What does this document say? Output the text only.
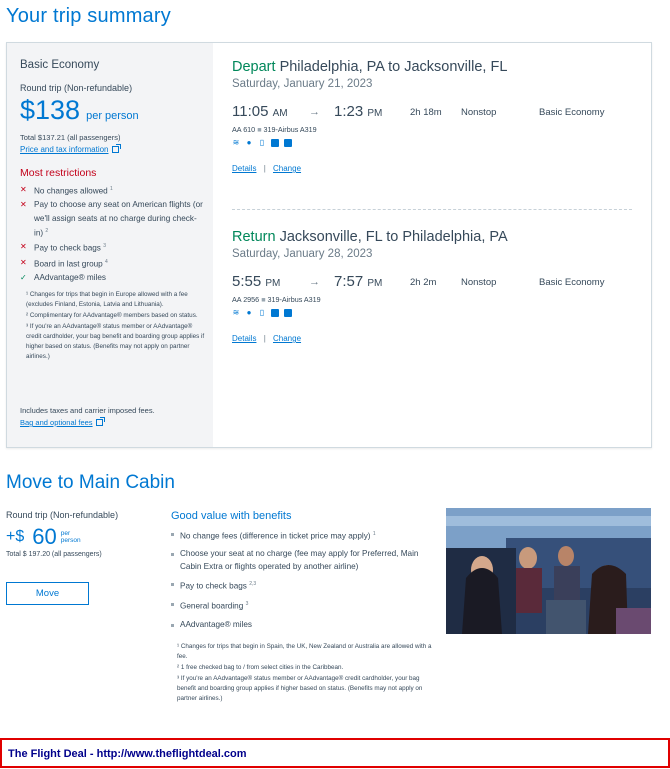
Your trip summary
Basic Economy
Round trip (Non-refundable)
$138 per person
Total $137.21 (all passengers)
Price and tax information
Most restrictions
✕ No changes allowed $^1$
✕ Pay to choose any seat on American flights (or we'll assign seats at no charge during check-in) $^2$
✕ Pay to check bags $^3$
✕ Board in last group $^4$
✓ AAdvantage® miles

¹ Changes for trips that begin in Europe allowed with a fee (excludes Finland, Estonia, Latvia and Lithuania).

² Complimentary for AAdvantage® members based on status.

³ If you're an AAdvantage® status member or AAdvantage® credit cardholder, your bag benefit and boarding group applies if higher based on status. (Benefits may not apply on partner airlines.)

Includes taxes and carrier imposed fees.
Bag and optional fees
Depart Philadelphia, PA to Jacksonville, FL
Saturday, January 21, 2023
11:05 AM → 1:23 PM	2h 18m Nonstop	Basic Economy
AA 610 ■ 319-Airbus A319
≋ ● ▯
Details | Change
Return Jacksonville, FL to Philadelphia, PA
Saturday, January 28, 2023
5:55 PM	→ 7:57 PM	2h 2m	Nonstop	Basic Economy
AA 2956 ■ 319-Airbus A319
≋ ● ▯
Details | Change
Move to Main Cabin
Round trip (Non-refundable)
+$ 60 per
person
Total $ 197.20 (all passengers)
Move
Good value with benefits
No change fees (difference in ticket price may apply) $^1$
Choose your seat at no charge (fee may apply for Preferred, Main Cabin Extra or flights operated by another airline)
Pay to check bags $^{2,3}$
General boarding $^3$
AAdvantage® miles

¹ Changes for trips that begin in Spain, the UK, New Zealand or Australia are allowed with a fee.

² 1 free checked bag to / from select cities in the Caribbean.

³ If you're an AAdvantage® status member or AAdvantage® credit cardholder, your bag benefit and boarding group applies if higher based on status. (Benefits may not apply on partner airlines.)

The Flight Deal - http://www.theflightdeal.com
